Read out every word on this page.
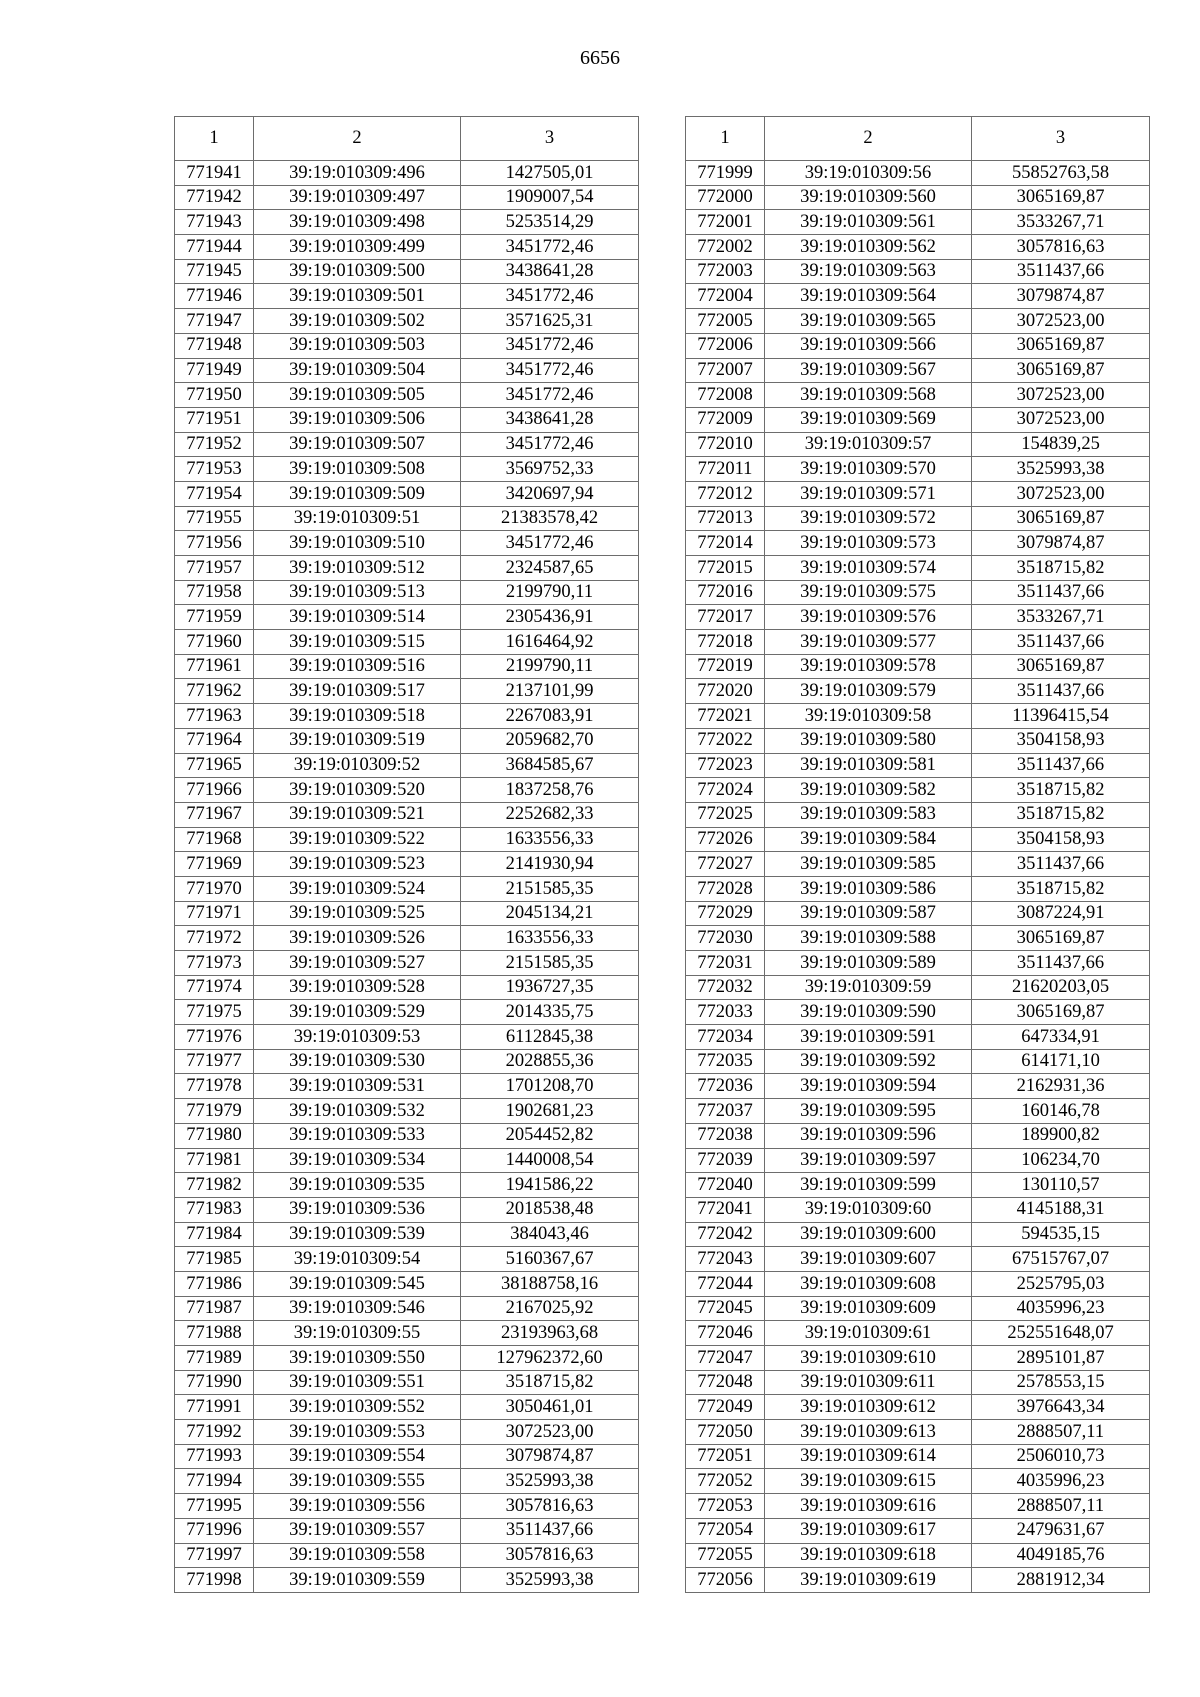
6656
1	2	3
771941	39:19:010309:496	1427505,01
771942	39:19:010309:497	1909007,54
771943	39:19:010309:498	5253514,29
771944	39:19:010309:499	3451772,46
771945	39:19:010309:500	3438641,28
771946	39:19:010309:501	3451772,46
771947	39:19:010309:502	3571625,31
771948	39:19:010309:503	3451772,46
771949	39:19:010309:504	3451772,46
771950	39:19:010309:505	3451772,46
771951	39:19:010309:506	3438641,28
771952	39:19:010309:507	3451772,46
771953	39:19:010309:508	3569752,33
771954	39:19:010309:509	3420697,94
771955	39:19:010309:51	21383578,42
771956	39:19:010309:510	3451772,46
771957	39:19:010309:512	2324587,65
771958	39:19:010309:513	2199790,11
771959	39:19:010309:514	2305436,91
771960	39:19:010309:515	1616464,92
771961	39:19:010309:516	2199790,11
771962	39:19:010309:517	2137101,99
771963	39:19:010309:518	2267083,91
771964	39:19:010309:519	2059682,70
771965	39:19:010309:52	3684585,67
771966	39:19:010309:520	1837258,76
771967	39:19:010309:521	2252682,33
771968	39:19:010309:522	1633556,33
771969	39:19:010309:523	2141930,94
771970	39:19:010309:524	2151585,35
771971	39:19:010309:525	2045134,21
771972	39:19:010309:526	1633556,33
771973	39:19:010309:527	2151585,35
771974	39:19:010309:528	1936727,35
771975	39:19:010309:529	2014335,75
771976	39:19:010309:53	6112845,38
771977	39:19:010309:530	2028855,36
771978	39:19:010309:531	1701208,70
771979	39:19:010309:532	1902681,23
771980	39:19:010309:533	2054452,82
771981	39:19:010309:534	1440008,54
771982	39:19:010309:535	1941586,22
771983	39:19:010309:536	2018538,48
771984	39:19:010309:539	384043,46
771985	39:19:010309:54	5160367,67
771986	39:19:010309:545	38188758,16
771987	39:19:010309:546	2167025,92
771988	39:19:010309:55	23193963,68
771989	39:19:010309:550	127962372,60
771990	39:19:010309:551	3518715,82
771991	39:19:010309:552	3050461,01
771992	39:19:010309:553	3072523,00
771993	39:19:010309:554	3079874,87
771994	39:19:010309:555	3525993,38
771995	39:19:010309:556	3057816,63
771996	39:19:010309:557	3511437,66
771997	39:19:010309:558	3057816,63
771998	39:19:010309:559	3525993,38
1	2	3
771999	39:19:010309:56	55852763,58
772000	39:19:010309:560	3065169,87
772001	39:19:010309:561	3533267,71
772002	39:19:010309:562	3057816,63
772003	39:19:010309:563	3511437,66
772004	39:19:010309:564	3079874,87
772005	39:19:010309:565	3072523,00
772006	39:19:010309:566	3065169,87
772007	39:19:010309:567	3065169,87
772008	39:19:010309:568	3072523,00
772009	39:19:010309:569	3072523,00
772010	39:19:010309:57	154839,25
772011	39:19:010309:570	3525993,38
772012	39:19:010309:571	3072523,00
772013	39:19:010309:572	3065169,87
772014	39:19:010309:573	3079874,87
772015	39:19:010309:574	3518715,82
772016	39:19:010309:575	3511437,66
772017	39:19:010309:576	3533267,71
772018	39:19:010309:577	3511437,66
772019	39:19:010309:578	3065169,87
772020	39:19:010309:579	3511437,66
772021	39:19:010309:58	11396415,54
772022	39:19:010309:580	3504158,93
772023	39:19:010309:581	3511437,66
772024	39:19:010309:582	3518715,82
772025	39:19:010309:583	3518715,82
772026	39:19:010309:584	3504158,93
772027	39:19:010309:585	3511437,66
772028	39:19:010309:586	3518715,82
772029	39:19:010309:587	3087224,91
772030	39:19:010309:588	3065169,87
772031	39:19:010309:589	3511437,66
772032	39:19:010309:59	21620203,05
772033	39:19:010309:590	3065169,87
772034	39:19:010309:591	647334,91
772035	39:19:010309:592	614171,10
772036	39:19:010309:594	2162931,36
772037	39:19:010309:595	160146,78
772038	39:19:010309:596	189900,82
772039	39:19:010309:597	106234,70
772040	39:19:010309:599	130110,57
772041	39:19:010309:60	4145188,31
772042	39:19:010309:600	594535,15
772043	39:19:010309:607	67515767,07
772044	39:19:010309:608	2525795,03
772045	39:19:010309:609	4035996,23
772046	39:19:010309:61	252551648,07
772047	39:19:010309:610	2895101,87
772048	39:19:010309:611	2578553,15
772049	39:19:010309:612	3976643,34
772050	39:19:010309:613	2888507,11
772051	39:19:010309:614	2506010,73
772052	39:19:010309:615	4035996,23
772053	39:19:010309:616	2888507,11
772054	39:19:010309:617	2479631,67
772055	39:19:010309:618	4049185,76
772056	39:19:010309:619	2881912,34
